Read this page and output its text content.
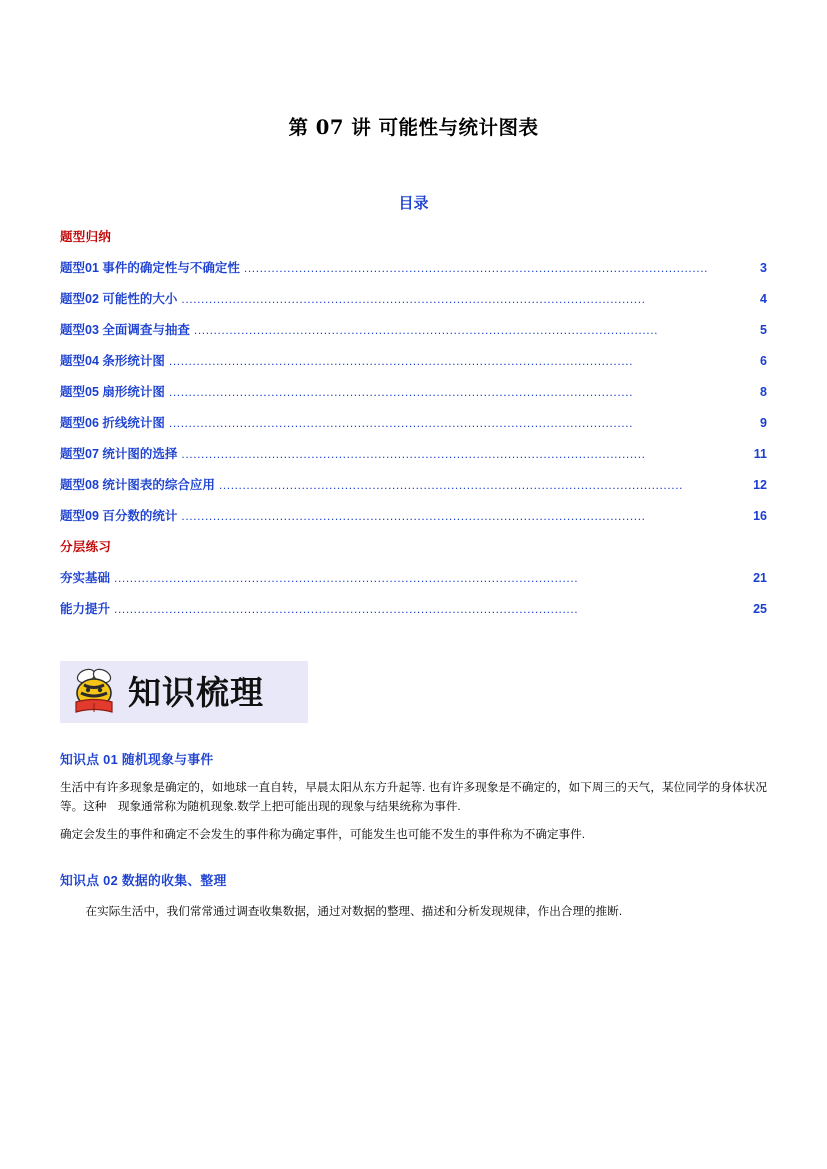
第 07 讲 可能性与统计图表
目录
题型归纳
题型01 事件的确定性与不确定性 ......................................................................................................................	3
题型02 可能性的大小 ......................................................................................................................	4
题型03 全面调查与抽查 ......................................................................................................................	5
题型04 条形统计图 ......................................................................................................................	6
题型05 扇形统计图 ......................................................................................................................	8
题型06 折线统计图 ......................................................................................................................	9
题型07 统计图的选择 ......................................................................................................................	11
题型08 统计图表的综合应用 ......................................................................................................................	12
题型09 百分数的统计 ......................................................................................................................	16
分层练习
夯实基础 ......................................................................................................................	21
能力提升 ......................................................................................................................	25
知识梳理
知识点 01 随机现象与事件
生活中有许多现象是确定的，如地球一直自转，早晨太阳从东方升起等. 也有许多现象是不确定的，如下周三的天气，某位同学的身体状况等。这种　现象通常称为随机现象.数学上把可能出现的现象与结果统称为事件.
确定会发生的事件和确定不会发生的事件称为确定事件，可能发生也可能不发生的事件称为不确定事件.
知识点 02 数据的收集、整理
在实际生活中，我们常常通过调查收集数据，通过对数据的整理、描述和分析发现规律，作出合理的推断.
